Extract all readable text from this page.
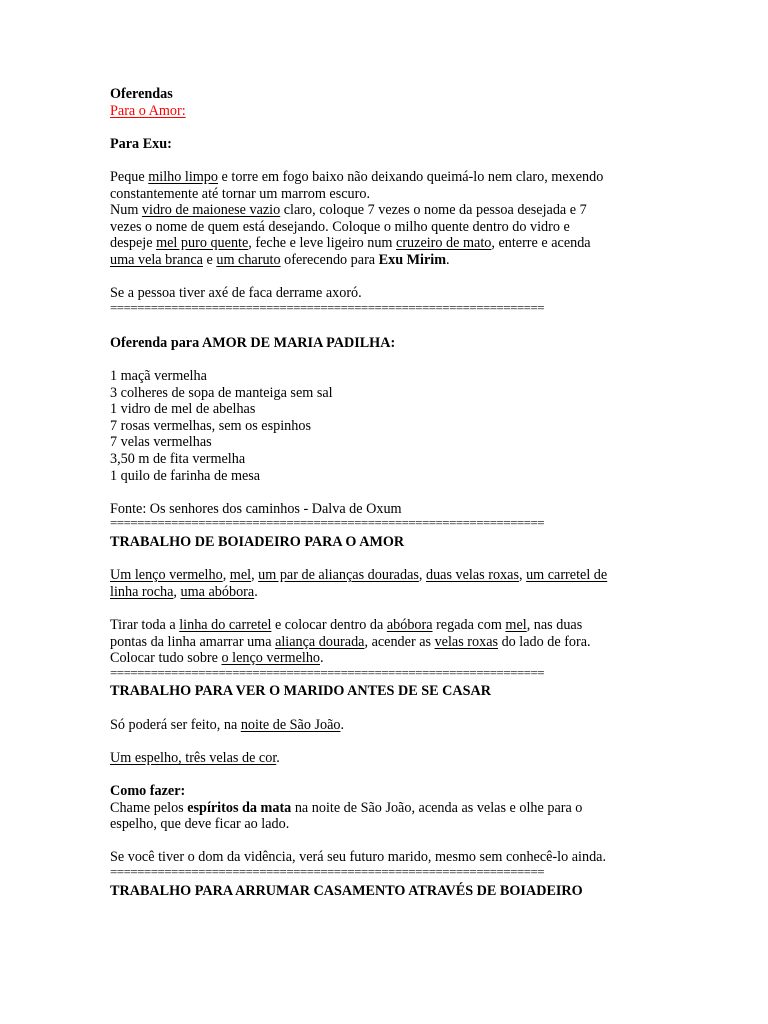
Oferendas
Para o Amor:
Para Exu:
Peque milho limpo e torre em fogo baixo não deixando queimá-lo nem claro, mexendo
constantemente até tornar um marrom escuro.
Num vidro de maionese vazio claro, coloque 7 vezes o nome da pessoa desejada e 7
vezes o nome de quem está desejando. Coloque o milho quente dentro do vidro e
despeje mel puro quente, feche e leve ligeiro num cruzeiro de mato, enterre e acenda
uma vela branca e um charuto oferecendo para Exu Mirim.
Se a pessoa tiver axé de faca derrame axoró.
================================================================
Oferenda para AMOR DE MARIA PADILHA:
1 maçã vermelha
3 colheres de sopa de manteiga sem sal
1 vidro de mel de abelhas
7 rosas vermelhas, sem os espinhos
7 velas vermelhas
3,50 m de fita vermelha
1 quilo de farinha de mesa
Fonte: Os senhores dos caminhos - Dalva de Oxum
================================================================
TRABALHO DE BOIADEIRO PARA O AMOR
Um lenço vermelho, mel, um par de alianças douradas, duas velas roxas, um carretel de
linha rocha, uma abóbora.
Tirar toda a linha do carretel e colocar dentro da abóbora regada com mel, nas duas
pontas da linha amarrar uma aliança dourada, acender as velas roxas do lado de fora.
Colocar tudo sobre o lenço vermelho.
================================================================
TRABALHO PARA VER O MARIDO ANTES DE SE CASAR
Só poderá ser feito, na noite de São João.
Um espelho, três velas de cor.
Como fazer:
Chame pelos espíritos da mata na noite de São João, acenda as velas e olhe para o
espelho, que deve ficar ao lado.
Se você tiver o dom da vidência, verá seu futuro marido, mesmo sem conhecê-lo ainda.
================================================================
TRABALHO PARA ARRUMAR CASAMENTO ATRAVÉS DE BOIADEIRO
